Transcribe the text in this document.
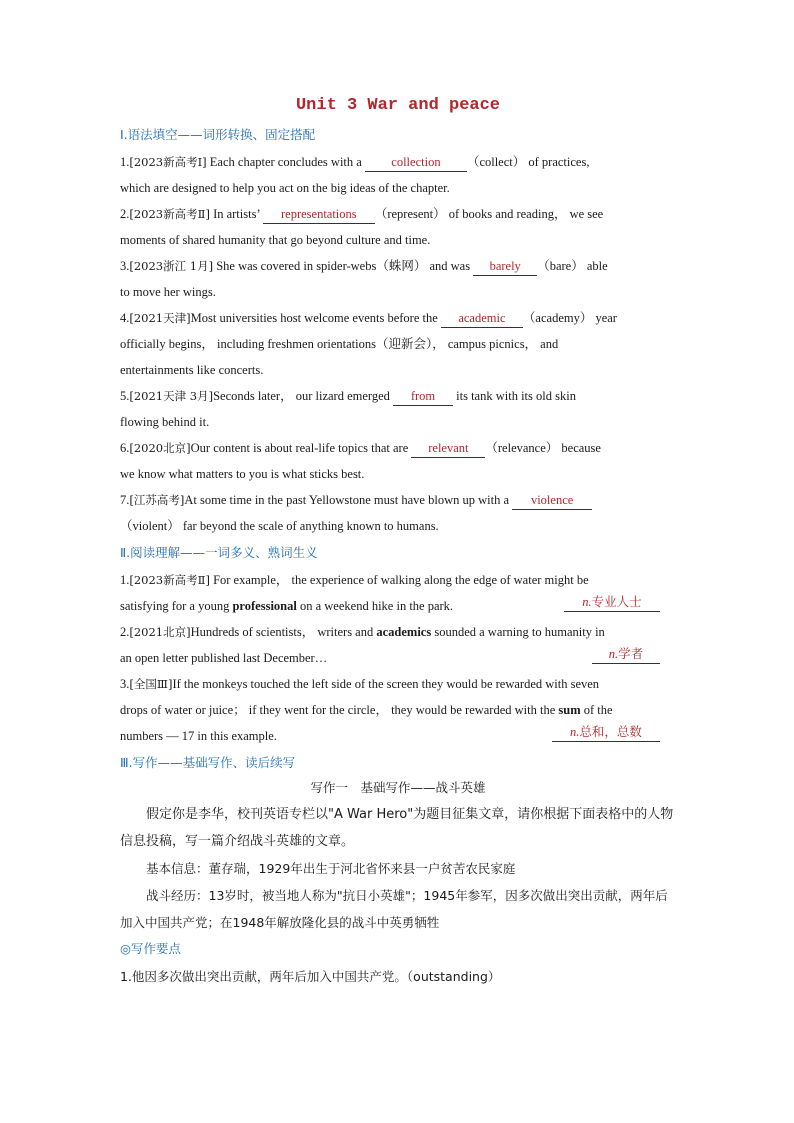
Unit 3 War and peace
Ⅰ.语法填空——词形转换、固定搭配

1.[2023新高考Ⅰ] Each chapter concludes with a collection （collect） of practices,
which are designed to help you act on the big ideas of the chapter.

2.[2023新高考Ⅱ] In artists’ representations （represent） of books and reading， we see
moments of shared humanity that go beyond culture and time.

3.[2023浙江 1月] She was covered in spider-webs（蛛网） and was barely （bare） able
to move her wings.

4.[2021天津]Most universities host welcome events before the academic （academy） year
officially begins， including freshmen orientations（迎新会）， campus picnics， and
entertainments like concerts.

5.[2021天津 3月]Seconds later， our lizard emerged from its tank with its old skin
flowing behind it.

6.[2020北京]Our content is about real-life topics that are relevant （relevance） because
we know what matters to you is what sticks best.

7.[江苏高考]At some time in the past Yellowstone must have blown up with a violence
（violent） far beyond the scale of anything known to humans.

Ⅱ.阅读理解——一词多义、熟词生义

1.[2023新高考Ⅱ] For example， the experience of walking along the edge of water might be
satisfying for a young professional on a weekend hike in the park.	n.专业人士

2.[2021北京]Hundreds of scientists， writers and academics sounded a warning to humanity in
an open letter published last December…	n.学者

3.[全国Ⅲ]If the monkeys touched the left side of the screen they would be rewarded with seven
drops of water or juice； if they went for the circle， they would be rewarded with the sum of the
numbers — 17 in this example.	n.总和，总数

Ⅲ.写作——基础写作、读后续写
写作一　基础写作——战斗英雄

假定你是李华，校刊英语专栏以"A War Hero"为题目征集文章，请你根据下面表格中的人物信息投稿，写一篇介绍战斗英雄的文章。

基本信息：董存瑞，1929年出生于河北省怀来县一户贫苦农民家庭

战斗经历：13岁时，被当地人称为"抗日小英雄"；1945年参军，因多次做出突出贡献，两年后加入中国共产党；在1948年解放隆化县的战斗中英勇牺牲

◎写作要点

1.他因多次做出突出贡献，两年后加入中国共产党。（outstanding）
